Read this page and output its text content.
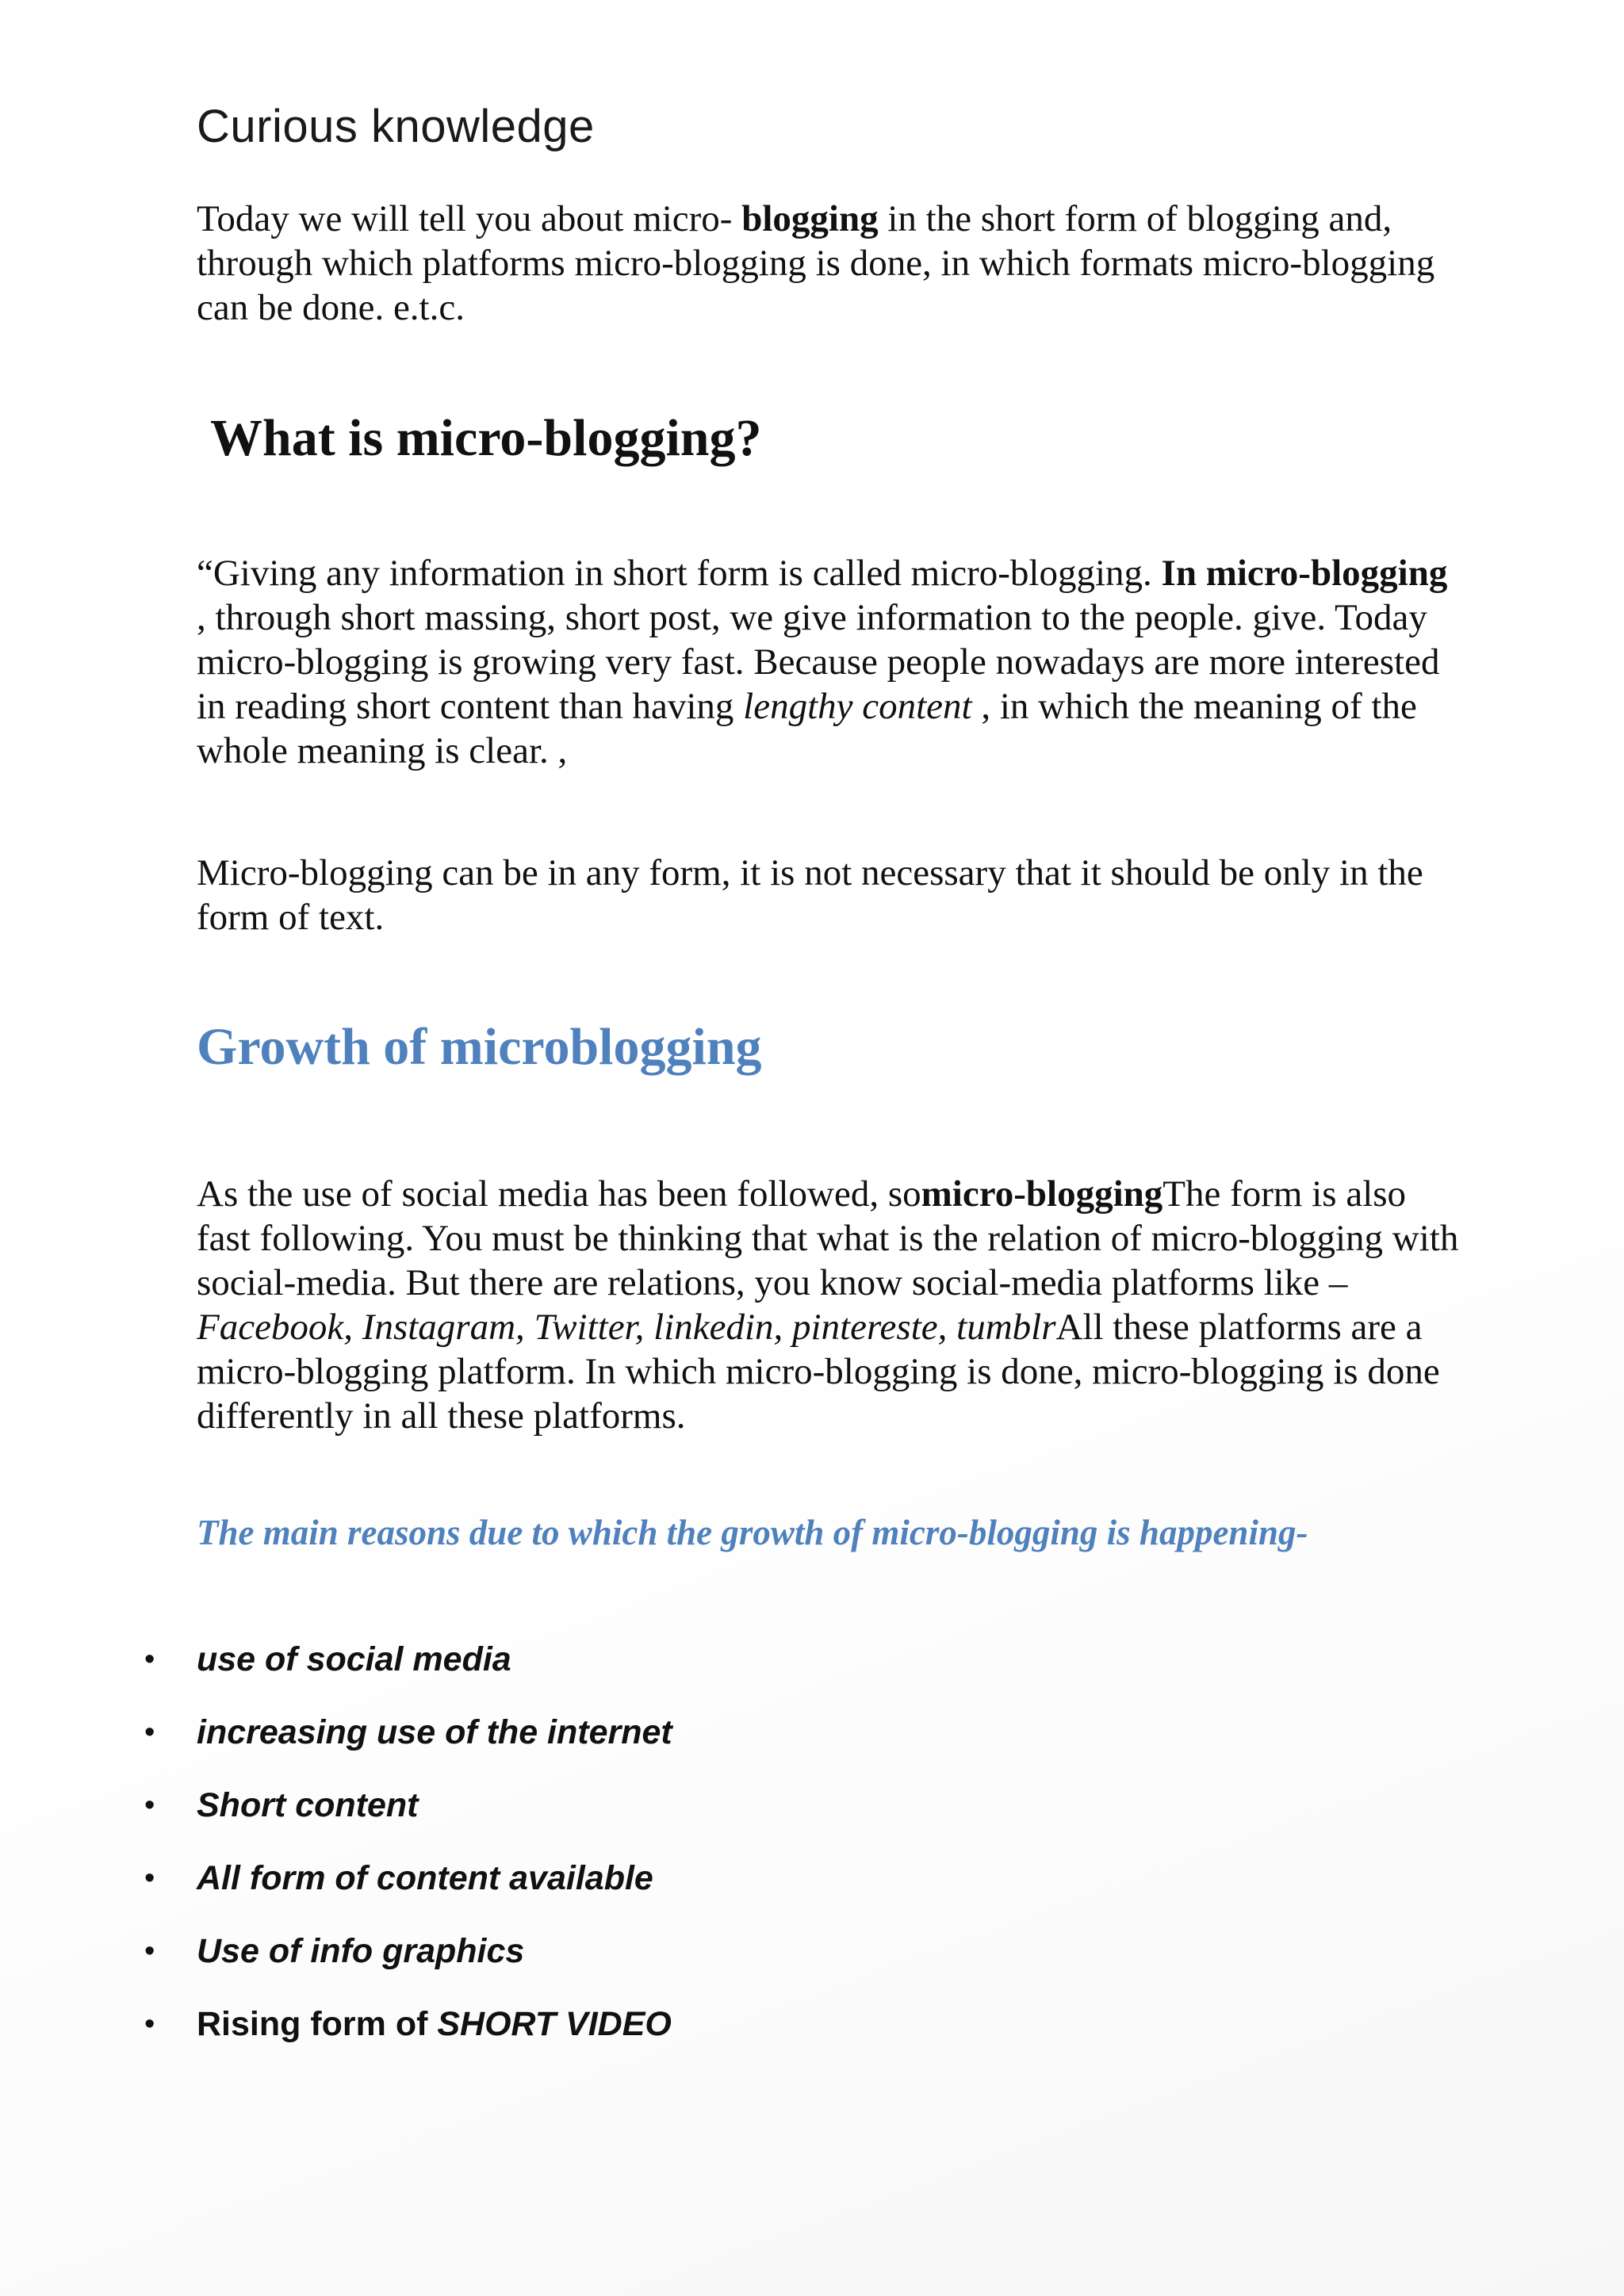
Curious knowledge

Today we will tell you about micro- blogging in the short form of blogging and, through which platforms micro-blogging is done, in which formats micro-blogging can be done. e.t.c.

What is micro-blogging?

“Giving any information in short form is called micro-blogging. In micro-blogging , through short massing, short post, we give information to the people. give. Today micro-blogging is growing very fast. Because people nowadays are more interested in reading short content than having lengthy content , in which the meaning of the whole meaning is clear. ,

Micro-blogging can be in any form, it is not necessary that it should be only in the form of text.

Growth of microblogging

As the use of social media has been followed, somicro-bloggingThe form is also fast following. You must be thinking that what is the relation of micro-blogging with social-media. But there are relations, you know social-media platforms like –Facebook, Instagram, Twitter, linkedin, pintereste, tumblrAll these platforms are a micro-blogging platform. In which micro-blogging is done, micro-blogging is done differently in all these platforms.

The main reasons due to which the growth of micro-blogging is happening-
• use of social media
• increasing use of the internet
• Short content
• All form of content available
• Use of info graphics
• Rising form of SHORT VIDEO
